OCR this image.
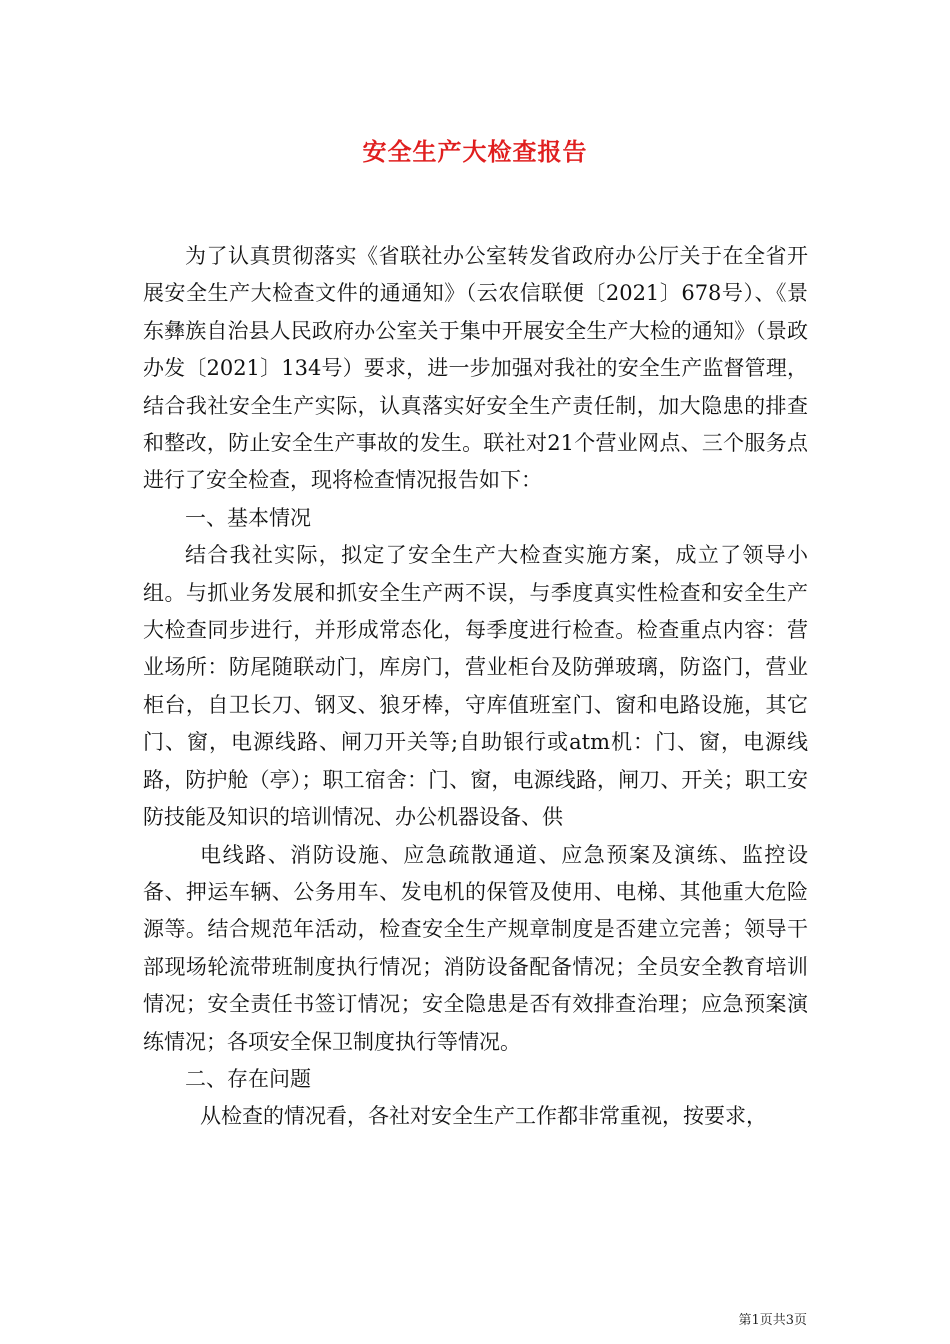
安全生产大检查报告

为了认真贯彻落实《省联社办公室转发省政府办公厅关于在全省开展安全生产大检查文件的通通知》（云农信联便〔2021〕678号）、《景东彝族自治县人民政府办公室关于集中开展安全生产大检的通知》（景政办发〔2021〕134号）要求，进一步加强对我社的安全生产监督管理，结合我社安全生产实际，认真落实好安全生产责任制，加大隐患的排查和整改，防止安全生产事故的发生。联社对21个营业网点、三个服务点进行了安全检查，现将检查情况报告如下：

一、基本情况

结合我社实际，拟定了安全生产大检查实施方案，成立了领导小组。与抓业务发展和抓安全生产两不误，与季度真实性检查和安全生产大检查同步进行，并形成常态化，每季度进行检查。检查重点内容：营业场所：防尾随联动门，库房门，营业柜台及防弹玻璃，防盗门，营业柜台，自卫长刀、钢叉、狼牙棒，守库值班室门、窗和电路设施，其它门、窗，电源线路、闸刀开关等;自助银行或atm机：门、窗，电源线路，防护舱（亭）；职工宿舍：门、窗，电源线路，闸刀、开关；职工安防技能及知识的培训情况、办公机器设备、供

电线路、消防设施、应急疏散通道、应急预案及演练、监控设备、押运车辆、公务用车、发电机的保管及使用、电梯、其他重大危险源等。结合规范年活动，检查安全生产规章制度是否建立完善；领导干部现场轮流带班制度执行情况；消防设备配备情况；全员安全教育培训情况；安全责任书签订情况；安全隐患是否有效排查治理；应急预案演练情况；各项安全保卫制度执行等情况。

二、存在问题

从检查的情况看，各社对安全生产工作都非常重视，按要求，

第1页共3页
